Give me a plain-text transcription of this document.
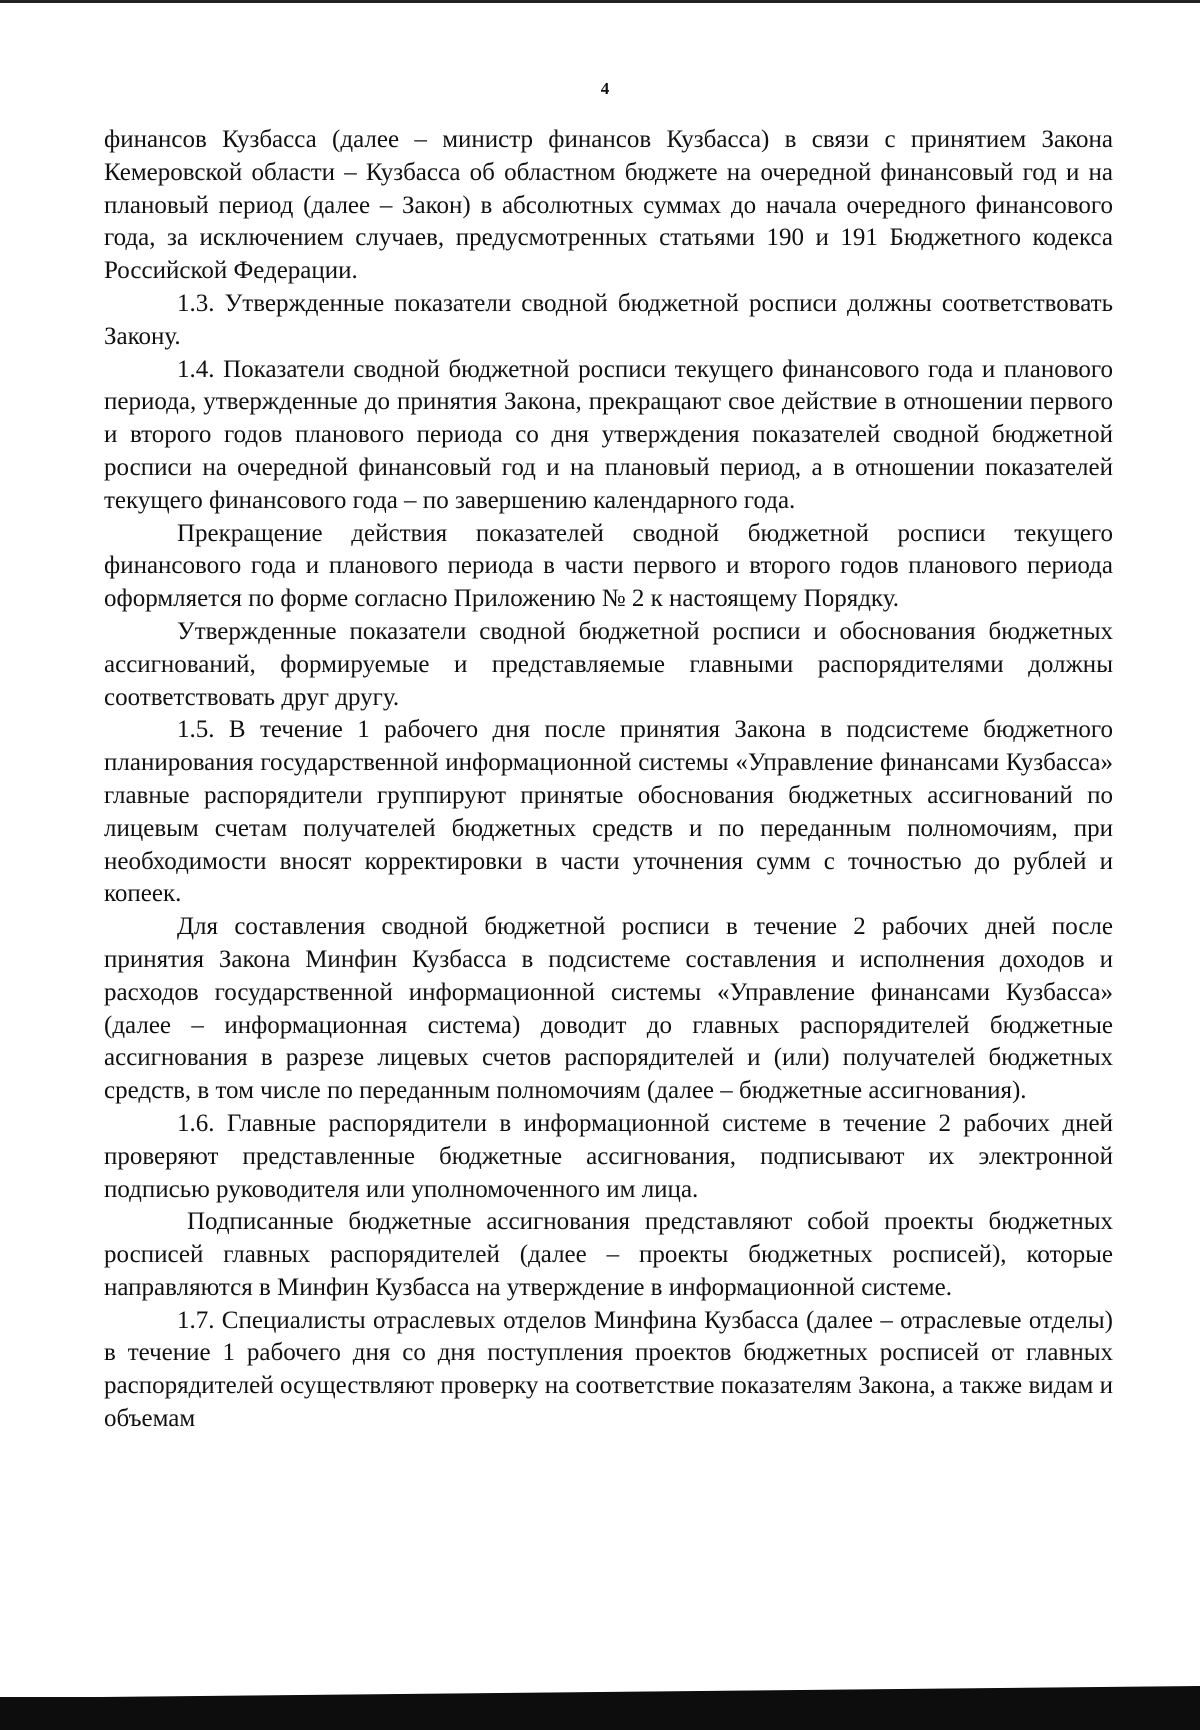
4

финансов Кузбасса (далее – министр финансов Кузбасса) в связи с принятием Закона Кемеровской области – Кузбасса об областном бюджете на очередной финансовый год и на плановый период (далее – Закон) в абсолютных суммах до начала очередного финансового года, за исключением случаев, предусмотренных статьями 190 и 191 Бюджетного кодекса Российской Федерации.

1.3. Утвержденные показатели сводной бюджетной росписи должны соответствовать Закону.

1.4. Показатели сводной бюджетной росписи текущего финансового года и планового периода, утвержденные до принятия Закона, прекращают свое действие в отношении первого и второго годов планового периода со дня утверждения показателей сводной бюджетной росписи на очередной финансовый год и на плановый период, а в отношении показателей текущего финансового года – по завершению календарного года.

Прекращение действия показателей сводной бюджетной росписи текущего финансового года и планового периода в части первого и второго годов планового периода оформляется по форме согласно Приложению № 2 к настоящему Порядку.

Утвержденные показатели сводной бюджетной росписи и обоснования бюджетных ассигнований, формируемые и представляемые главными распорядителями должны соответствовать друг другу.

1.5. В течение 1 рабочего дня после принятия Закона в подсистеме бюджетного планирования государственной информационной системы «Управление финансами Кузбасса» главные распорядители группируют принятые обоснования бюджетных ассигнований по лицевым счетам получателей бюджетных средств и по переданным полномочиям, при необходимости вносят корректировки в части уточнения сумм с точностью до рублей и копеек.

Для составления сводной бюджетной росписи в течение 2 рабочих дней после принятия Закона Минфин Кузбасса в подсистеме составления и исполнения доходов и расходов государственной информационной системы «Управление финансами Кузбасса» (далее – информационная система) доводит до главных распорядителей бюджетные ассигнования в разрезе лицевых счетов распорядителей и (или) получателей бюджетных средств, в том числе по переданным полномочиям (далее – бюджетные ассигнования).

1.6. Главные распорядители в информационной системе в течение 2 рабочих дней проверяют представленные бюджетные ассигнования, подписывают их электронной подписью руководителя или уполномоченного им лица.

Подписанные бюджетные ассигнования представляют собой проекты бюджетных росписей главных распорядителей (далее – проекты бюджетных росписей), которые направляются в Минфин Кузбасса на утверждение в информационной системе.

1.7. Специалисты отраслевых отделов Минфина Кузбасса (далее – отраслевые отделы) в течение 1 рабочего дня со дня поступления проектов бюджетных росписей от главных распорядителей осуществляют проверку на соответствие показателям Закона, а также видам и объемам
